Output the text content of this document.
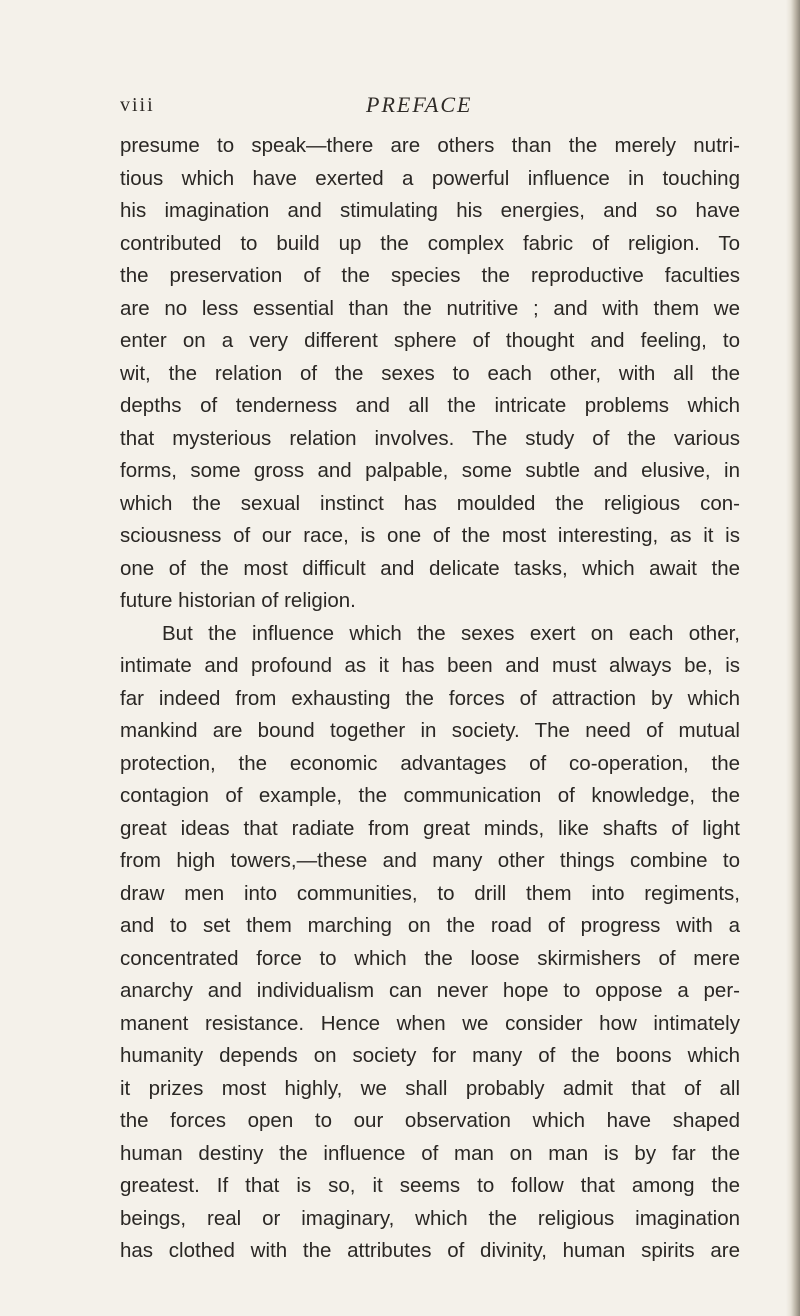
viii	PREFACE
presume to speak—there are others than the merely nutri-
tious which have exerted a powerful influence in touching
his imagination and stimulating his energies, and so have
contributed to build up the complex fabric of religion. To
the preservation of the species the reproductive faculties
are no less essential than the nutritive ; and with them we
enter on a very different sphere of thought and feeling, to
wit, the relation of the sexes to each other, with all the
depths of tenderness and all the intricate problems which
that mysterious relation involves. The study of the various
forms, some gross and palpable, some subtle and elusive, in
which the sexual instinct has moulded the religious con-
sciousness of our race, is one of the most interesting, as it is
one of the most difficult and delicate tasks, which await the
future historian of religion.
But the influence which the sexes exert on each other,
intimate and profound as it has been and must always be, is
far indeed from exhausting the forces of attraction by which
mankind are bound together in society. The need of mutual
protection, the economic advantages of co-operation, the
contagion of example, the communication of knowledge, the
great ideas that radiate from great minds, like shafts of light
from high towers,—these and many other things combine to
draw men into communities, to drill them into regiments,
and to set them marching on the road of progress with a
concentrated force to which the loose skirmishers of mere
anarchy and individualism can never hope to oppose a per-
manent resistance. Hence when we consider how intimately
humanity depends on society for many of the boons which
it prizes most highly, we shall probably admit that of all
the forces open to our observation which have shaped
human destiny the influence of man on man is by far the
greatest. If that is so, it seems to follow that among the
beings, real or imaginary, which the religious imagination
has clothed with the attributes of divinity, human spirits are
